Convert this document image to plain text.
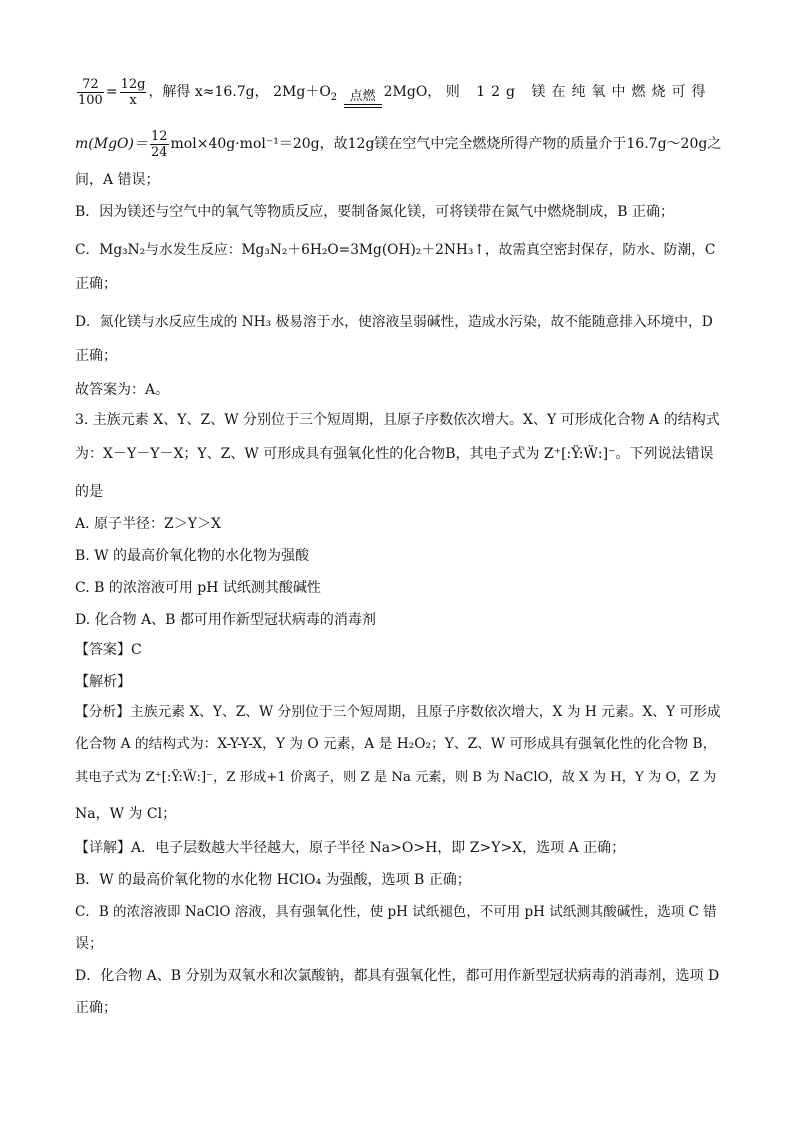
$\frac{72}{100} = \frac{12g}{x}$ ，解得 x≈16.7g， $2Mg+O_2$ 点燃 2MgO， 则 12g 镁在纯氧中燃烧可得
$m(MgO)= \frac{12}{24} mol\times 40g\cdot mol^{-1}=20g$，故12g镁在空气中完全燃烧所得产物的质量介于16.7g～20g之
间，A 错误；
B．因为镁还与空气中的氧气等物质反应，要制备氮化镁，可将镁带在氮气中燃烧制成，B 正确；
C．Mg₃N₂与水发生反应：Mg₃N₂＋6H₂O=3Mg(OH)₂＋2NH₃↑，故需真空密封保存，防水、防潮，C
正确；
D．氮化镁与水反应生成的 NH₃ 极易溶于水，使溶液呈弱碱性，造成水污染，故不能随意排入环境中，D
正确；
故答案为：A。
3. 主族元素 X、Y、Z、W 分别位于三个短周期，且原子序数依次增大。X、Y 可形成化合物 A 的结构式
为：X－Y－Y－X；Y、Z、W 可形成具有强氧化性的化合物B，其电子式为 Z⁺[:Ÿ:Ẅ:]⁻。下列说法错误
的是
A. 原子半径：Z＞Y＞X
B. W 的最高价氧化物的水化物为强酸
C. B 的浓溶液可用 pH 试纸测其酸碱性
D. 化合物 A、B 都可用作新型冠状病毒的消毒剂
【答案】C
【解析】
【分析】主族元素 X、Y、Z、W 分别位于三个短周期，且原子序数依次增大，X 为 H 元素。X、Y 可形成
化合物 A 的结构式为：X-Y-Y-X，Y 为 O 元素，A 是 H₂O₂；Y、Z、W 可形成具有强氧化性的化合物 B，
其电子式为 Z⁺[:Ÿ:Ẅ:]⁻，Z 形成+1 价离子，则 Z 是 Na 元素，则 B 为 NaClO，故 X 为 H，Y 为 O，Z 为
Na，W 为 Cl；
【详解】A．电子层数越大半径越大，原子半径 Na>O>H，即 Z>Y>X，选项 A 正确；
B．W 的最高价氧化物的水化物 HClO₄ 为强酸，选项 B 正确；
C．B 的浓溶液即 NaClO 溶液，具有强氧化性，使 pH 试纸褪色，不可用 pH 试纸测其酸碱性，选项 C 错
误；
D．化合物 A、B 分别为双氧水和次氯酸钠，都具有强氧化性，都可用作新型冠状病毒的消毒剂，选项 D
正确；
